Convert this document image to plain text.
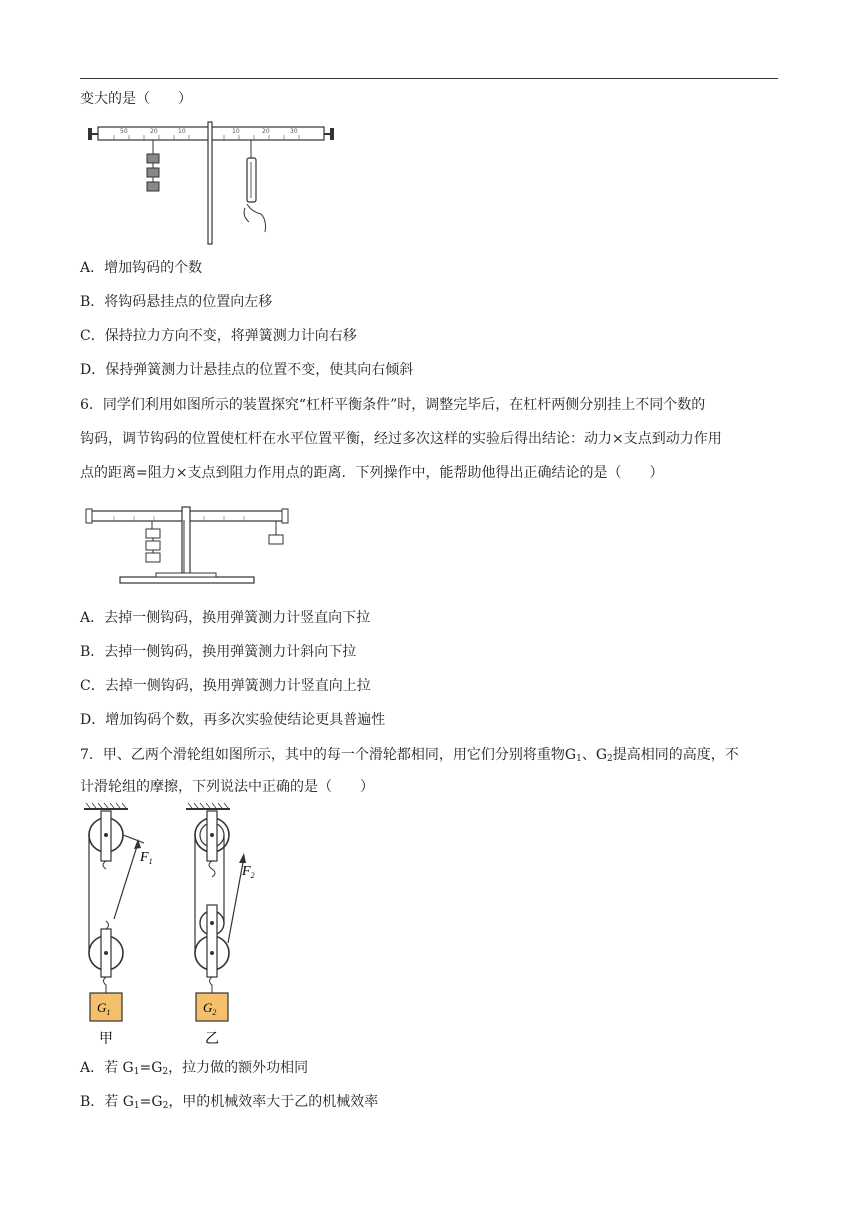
变大的是（　　）
50	20	10	10	20	30
A．增加钩码的个数
B．将钩码悬挂点的位置向左移
C．保持拉力方向不变，将弹簧测力计向右移
D．保持弹簧测力计悬挂点的位置不变，使其向右倾斜
6．同学们利用如图所示的装置探究“杠杆平衡条件”时，调整完毕后，在杠杆两侧分别挂上不同个数的
钩码，调节钩码的位置使杠杆在水平位置平衡，经过多次这样的实验后得出结论：动力×支点到动力作用
点的距离=阻力×支点到阻力作用点的距离．下列操作中，能帮助他得出正确结论的是（　　）
A．去掉一侧钩码，换用弹簧测力计竖直向下拉
B．去掉一侧钩码，换用弹簧测力计斜向下拉
C．去掉一侧钩码，换用弹簧测力计竖直向上拉
D．增加钩码个数，再多次实验使结论更具普遍性
7．甲、乙两个滑轮组如图所示，其中的每一个滑轮都相同，用它们分别将重物$G_1$、$G_2$提高相同的高度，不
计滑轮组的摩擦，下列说法中正确的是（　　）
$F_1$
$G_1$
甲
$F_2$
$G_2$
乙
A．若 $G_1=G_2$，拉力做的额外功相同
B．若 $G_1=G_2$，甲的机械效率大于乙的机械效率
